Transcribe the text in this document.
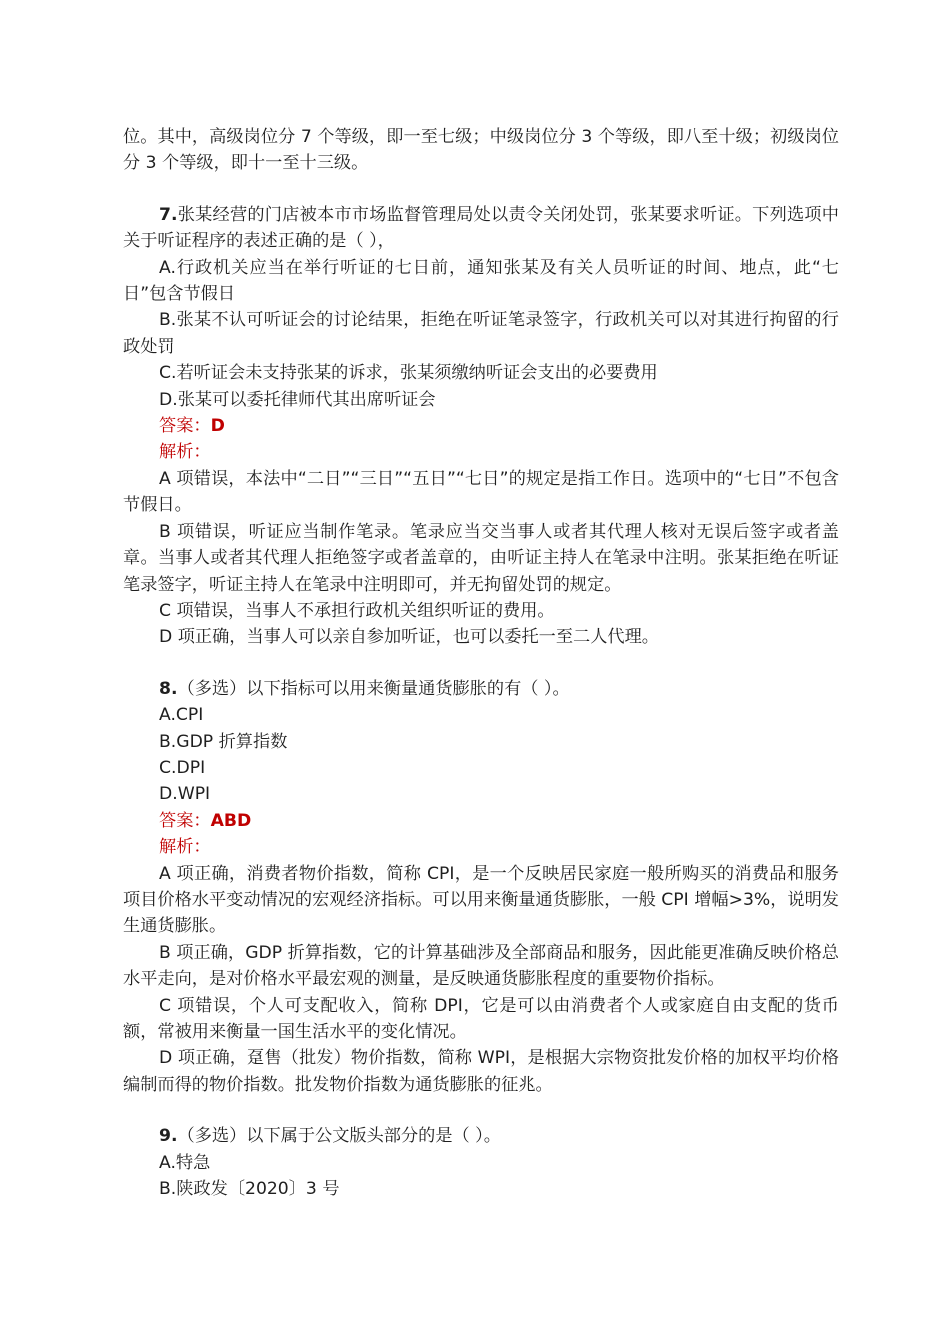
位。其中，高级岗位分 7 个等级，即一至七级；中级岗位分 3 个等级，即八至十级；初级岗位分 3 个等级，即十一至十三级。

7.张某经营的门店被本市市场监督管理局处以责令关闭处罚，张某要求听证。下列选项中关于听证程序的表述正确的是（ ），

A.行政机关应当在举行听证的七日前，通知张某及有关人员听证的时间、地点，此“七日”包含节假日

B.张某不认可听证会的讨论结果，拒绝在听证笔录签字，行政机关可以对其进行拘留的行政处罚

C.若听证会未支持张某的诉求，张某须缴纳听证会支出的必要费用

D.张某可以委托律师代其出席听证会

答案：D

解析：

A 项错误，本法中“二日”“三日”“五日”“七日”的规定是指工作日。选项中的“七日”不包含节假日。

B 项错误，听证应当制作笔录。笔录应当交当事人或者其代理人核对无误后签字或者盖章。当事人或者其代理人拒绝签字或者盖章的，由听证主持人在笔录中注明。张某拒绝在听证笔录签字，听证主持人在笔录中注明即可，并无拘留处罚的规定。

C 项错误，当事人不承担行政机关组织听证的费用。

D 项正确，当事人可以亲自参加听证，也可以委托一至二人代理。

8.（多选）以下指标可以用来衡量通货膨胀的有（ ）。

A.CPI

B.GDP 折算指数

C.DPI

D.WPI

答案：ABD

解析：

A 项正确，消费者物价指数，简称 CPI，是一个反映居民家庭一般所购买的消费品和服务项目价格水平变动情况的宏观经济指标。可以用来衡量通货膨胀，一般 CPI 增幅>3%，说明发生通货膨胀。

B 项正确，GDP 折算指数，它的计算基础涉及全部商品和服务，因此能更准确反映价格总水平走向，是对价格水平最宏观的测量，是反映通货膨胀程度的重要物价指标。

C 项错误，个人可支配收入，简称 DPI，它是可以由消费者个人或家庭自由支配的货币额，常被用来衡量一国生活水平的变化情况。

D 项正确，趸售（批发）物价指数，简称 WPI，是根据大宗物资批发价格的加权平均价格编制而得的物价指数。批发物价指数为通货膨胀的征兆。

9.（多选）以下属于公文版头部分的是（ ）。

A.特急

B.陕政发〔2020〕3 号
